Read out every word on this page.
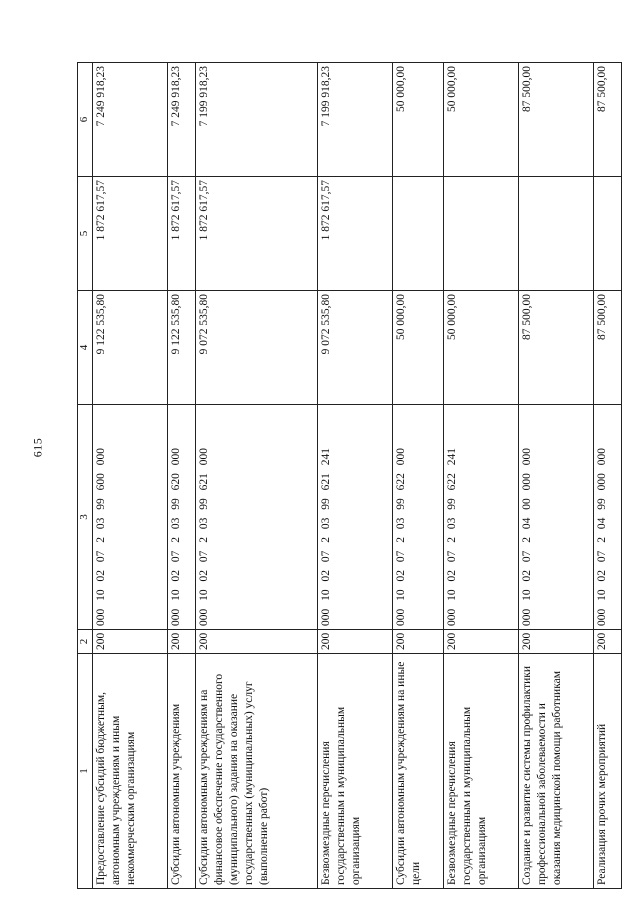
615
1	2	3	4	5	6
Предоставление субсидий бюджетным, автономным учреждениям и иным некоммерческим организациям	200	000 10 02 07 2 03 99 600 000	9 122 535,80	1 872 617,57	7 249 918,23
Субсидии автономным учреждениям	200	000 10 02 07 2 03 99 620 000	9 122 535,80	1 872 617,57	7 249 918,23
Субсидии автономным учреждениям на финансовое обеспечение государственного (муниципального) задания на оказание государственных (муниципальных) услуг (выполнение работ)	200	000 10 02 07 2 03 99 621 000	9 072 535,80	1 872 617,57	7 199 918,23
Безвозмездные перечисления государственным и муниципальным организациям	200	000 10 02 07 2 03 99 621 241	9 072 535,80	1 872 617,57	7 199 918,23
Субсидии автономным учреждениям на иные цели	200	000 10 02 07 2 03 99 622 000	50 000,00		50 000,00
Безвозмездные перечисления государственным и муниципальным организациям	200	000 10 02 07 2 03 99 622 241	50 000,00		50 000,00
Создание и развитие системы профилактики профессиональной заболеваемости и оказания медицинской помощи работникам	200	000 10 02 07 2 04 00 000 000	87 500,00		87 500,00
Реализация прочих мероприятий	200	000 10 02 07 2 04 99 000 000	87 500,00		87 500,00
